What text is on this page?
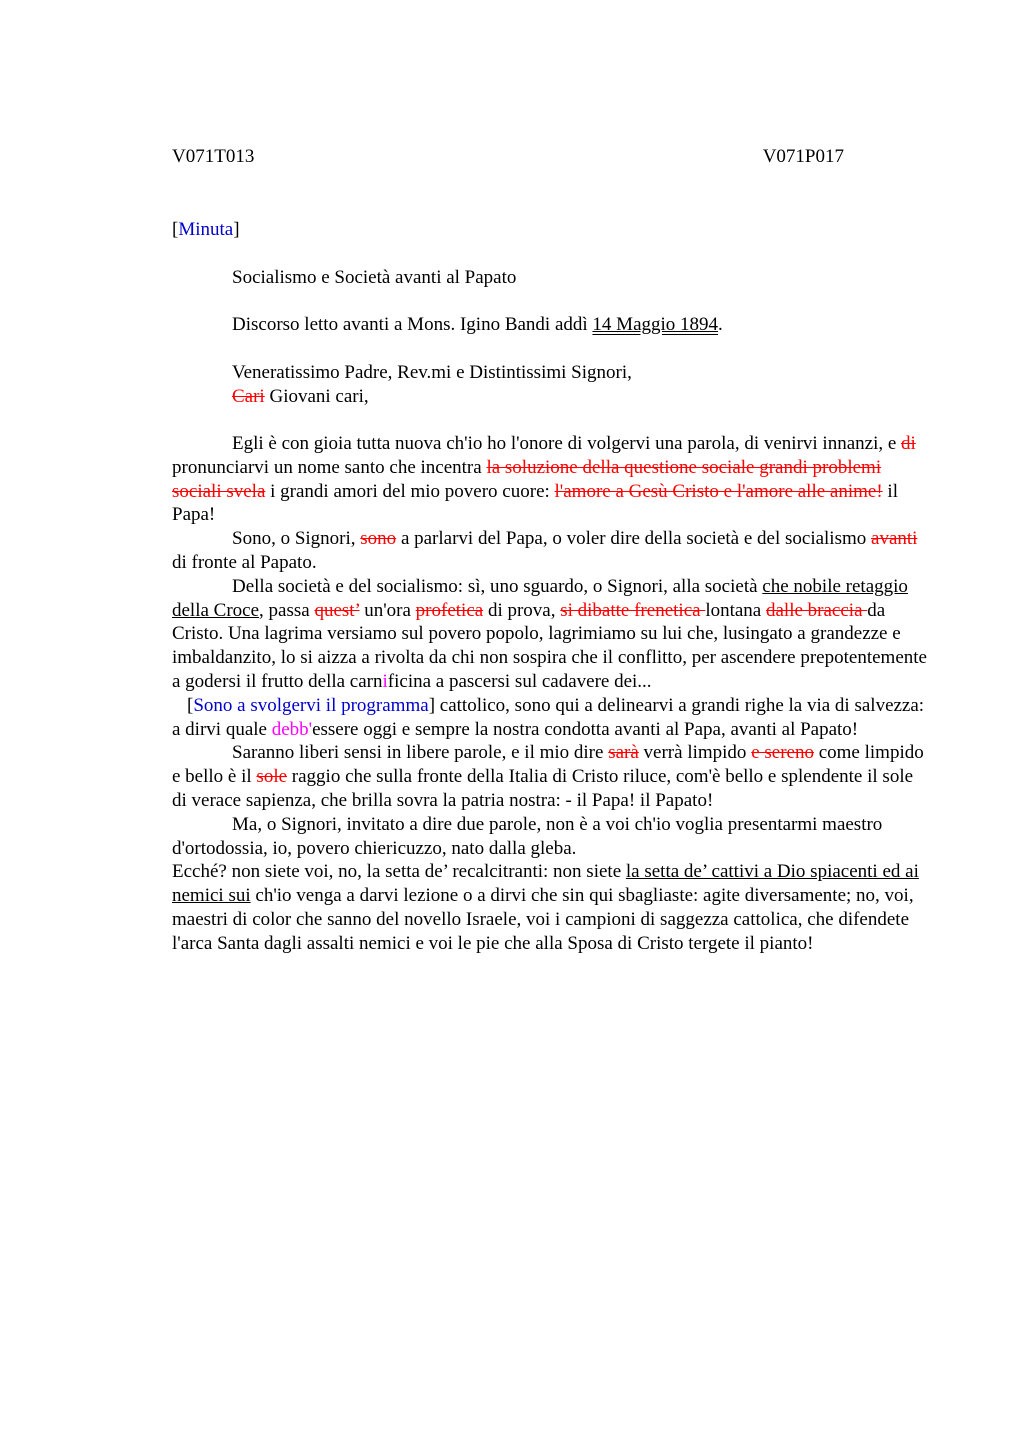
V071T013	V071P017
[Minuta]
Socialismo e Società avanti al Papato
Discorso letto avanti a Mons. Igino Bandi addì 14 Maggio 1894.

Veneratissimo Padre, Rev.mi e Distintissimi Signori,

Cari Giovani cari,

Egli è con gioia tutta nuova ch'io ho l'onore di volgervi una parola, di venirvi innanzi, e di pronunciarvi un nome santo che incentra la soluzione della questione sociale grandi problemi sociali svela i grandi amori del mio povero cuore: l'amore a Gesù Cristo e l'amore alle anime! il Papa!

Sono, o Signori, sono a parlarvi del Papa, o voler dire della società e del socialismo avanti di fronte al Papato.

Della società e del socialismo: sì, uno sguardo, o Signori, alla società che nobile retaggio della Croce, passa quest’ un'ora profetica di prova, si dibatte frenetica lontana dalle braccia da Cristo. Una lagrima versiamo sul povero popolo, lagrimiamo su lui che, lusingato a grandezze e imbaldanzito, lo si aizza a rivolta da chi non sospira che il conflitto, per ascendere prepotentemente a godersi il frutto della carnificina a pascersi sul cadavere dei...

[Sono a svolgervi il programma] cattolico, sono qui a delinearvi a grandi righe la via di salvezza: a dirvi quale debb'essere oggi e sempre la nostra condotta avanti al Papa, avanti al Papato!

Saranno liberi sensi in libere parole, e il mio dire sarà verrà limpido e sereno come limpido e bello è il sole raggio che sulla fronte della Italia di Cristo riluce, com'è bello e splendente il sole di verace sapienza, che brilla sovra la patria nostra: - il Papa! il Papato!

Ma, o Signori, invitato a dire due parole, non è a voi ch'io voglia presentarmi maestro d'ortodossia, io, povero chiericuzzo, nato dalla gleba.

Ecché? non siete voi, no, la setta de’ recalcitranti: non siete la setta de’ cattivi a Dio spiacenti ed ai nemici sui ch'io venga a darvi lezione o a dirvi che sin qui sbagliaste: agite diversamente; no, voi, maestri di color che sanno del novello Israele, voi i campioni di saggezza cattolica, che difendete l'arca Santa dagli assalti nemici e voi le pie che alla Sposa di Cristo tergete il pianto!
